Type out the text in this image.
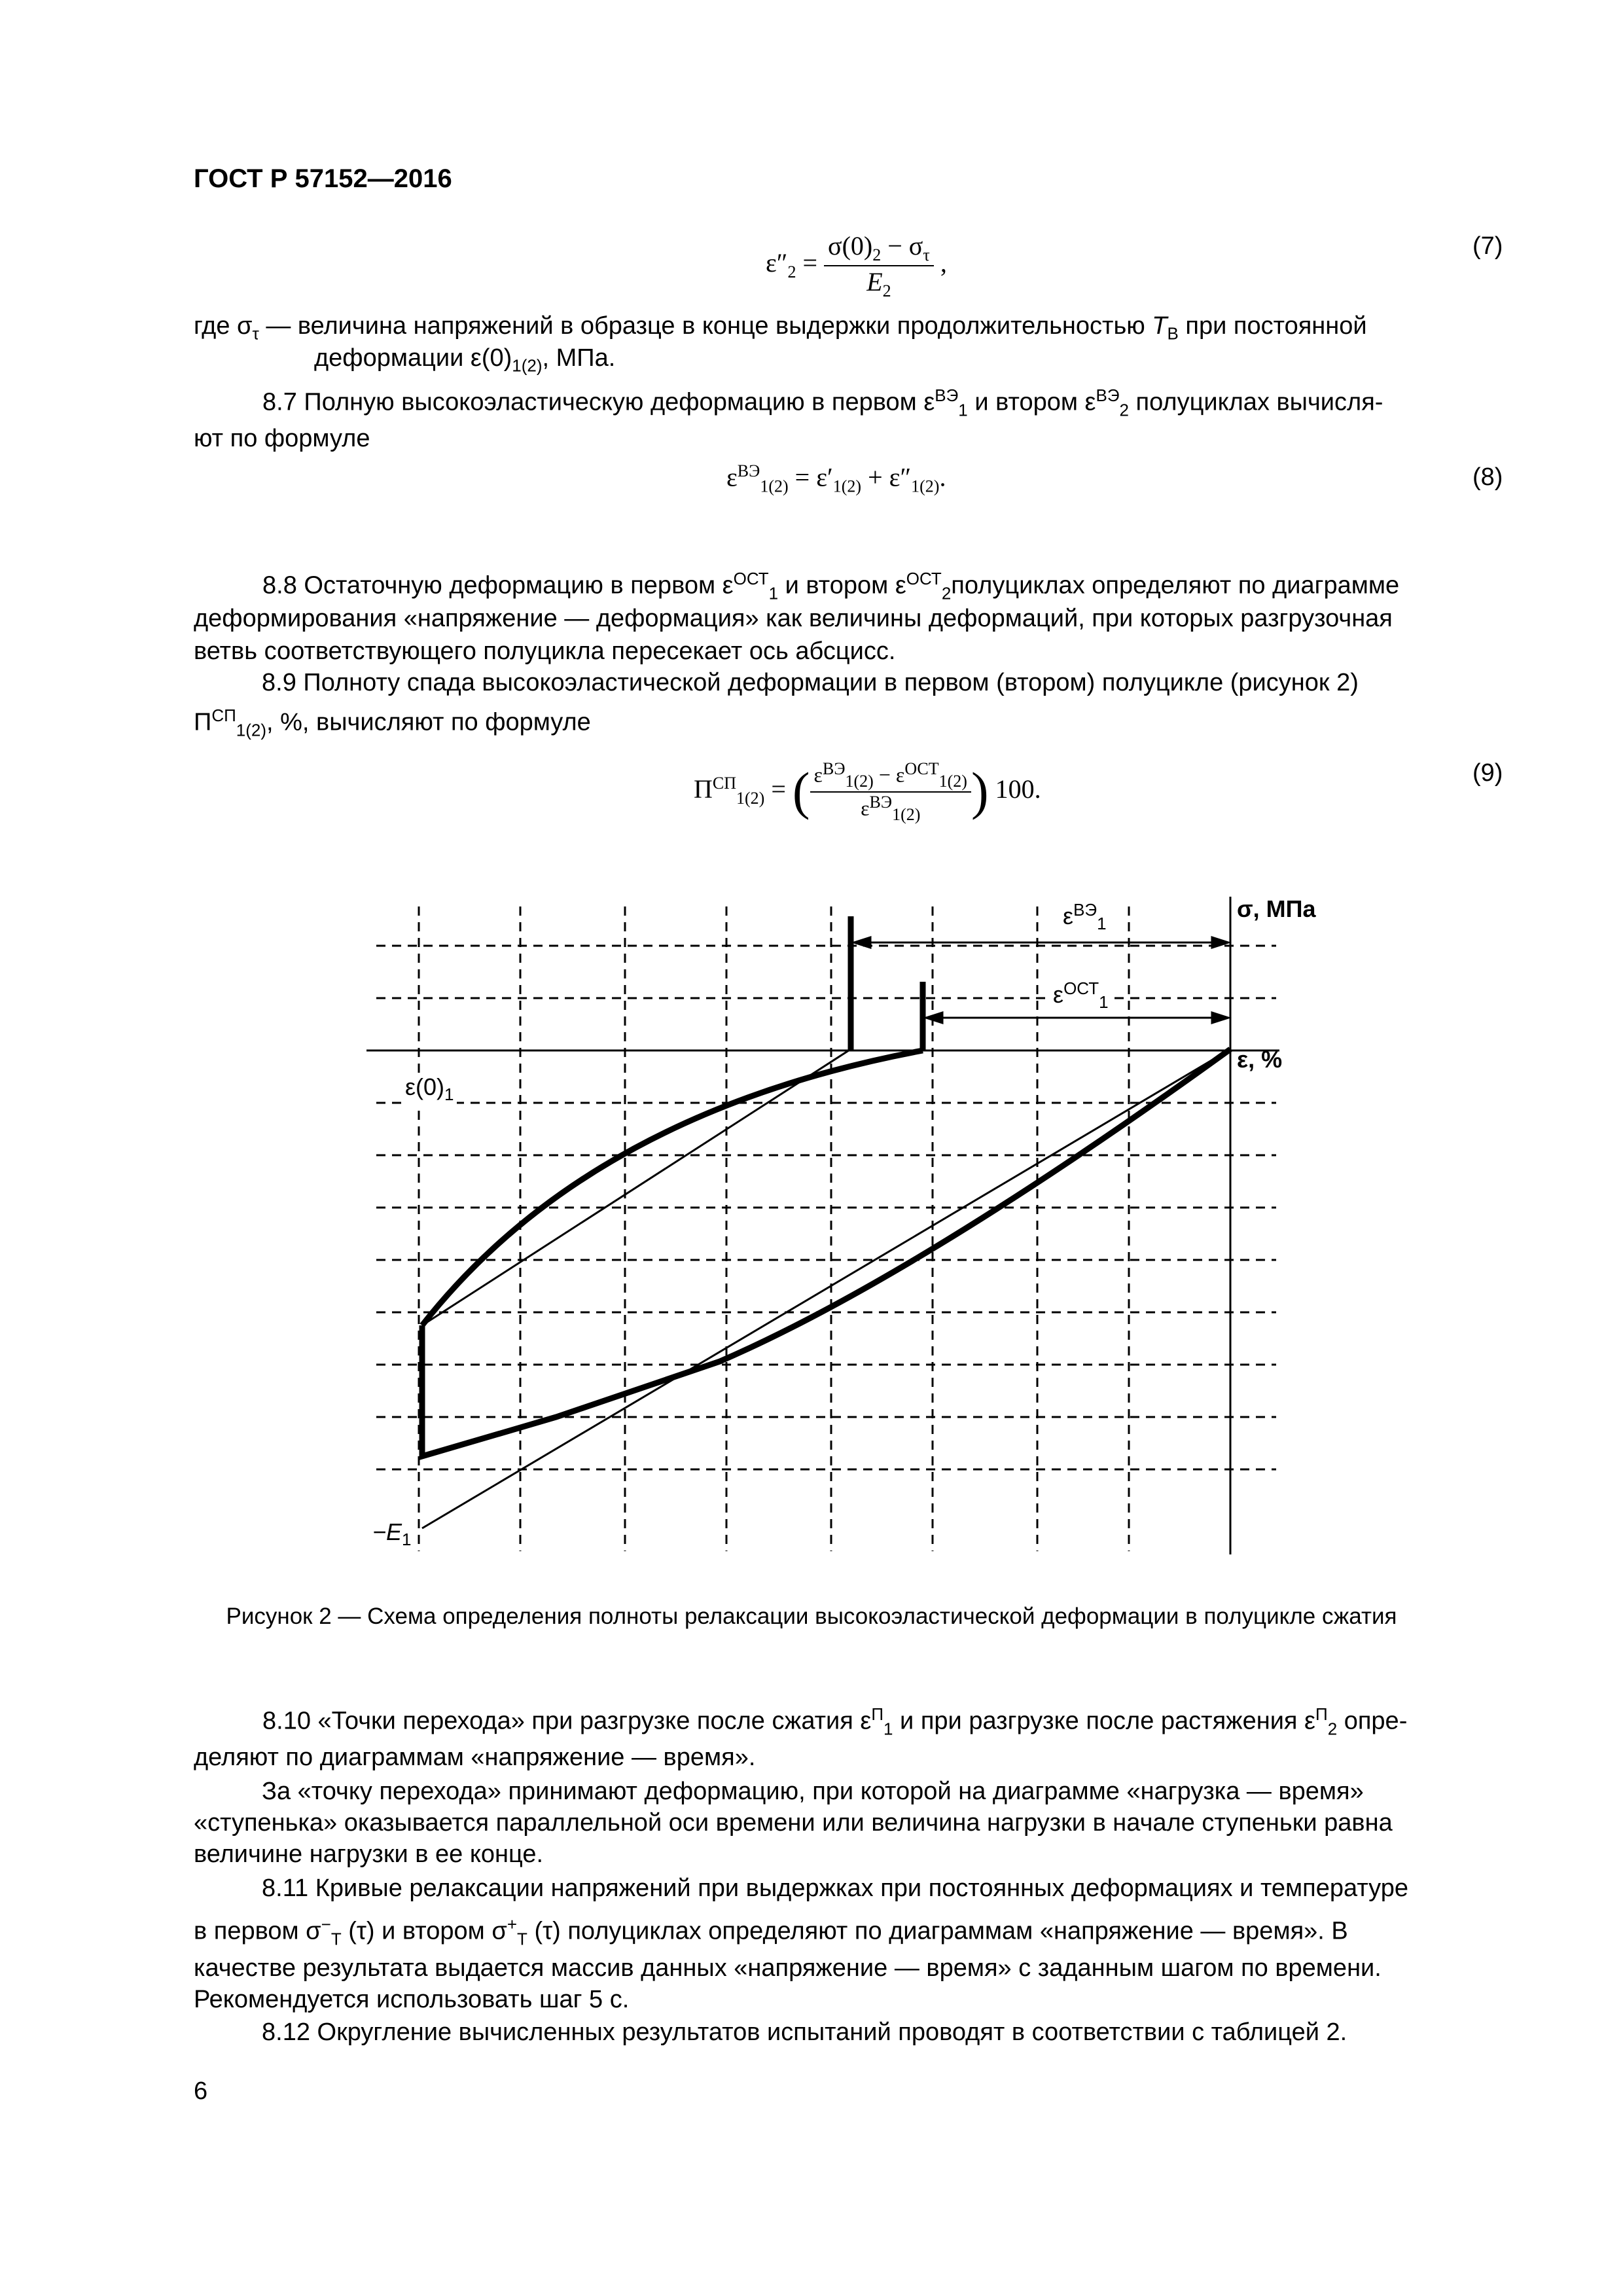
ГОСТ Р 57152—2016
$\varepsilon''_2 = \frac{\sigma(0)_2 - \sigma_\tau}{E_2}$ ,
(7)
где $\sigma_\tau$ — величина напряжений в образце в конце выдержки продолжительностью $T_В$ при постоянной
деформации $\varepsilon(0)_{1(2)}$, МПа.
8.7 Полную высокоэластическую деформацию в первом $\varepsilon^{ВЭ}_1$ и втором $\varepsilon^{ВЭ}_2$ полуциклах вычисля-
ют по формуле
$\varepsilon^{ВЭ}_{1(2)} = \varepsilon'_{1(2)} + \varepsilon''_{1(2)}$.	(8)
8.8 Остаточную деформацию в первом $\varepsilon^{ОСТ}_1$ и втором $\varepsilon^{ОСТ}_2полуциклах$ определяют по диаграмме
деформирования «напряжение — деформация» как величины деформаций, при которых разгрузочная
ветвь соответствующего полуцикла пересекает ось абсцисс.
8.9 Полноту спада высокоэластической деформации в первом (втором) полуцикле (рисунок 2)
$П^{СП}_{1(2)}$, %, вычисляют по формуле
$П^{СП}_{1(2)}$ = ( $\frac{\varepsilon^{ВЭ}_{1(2)} - \varepsilon^{ОСТ}_{1(2)}}{\varepsilon^{ВЭ}_{1(2)}}$ ) 100.
(9)
σ, МПа
ε, %
$\varepsilon(0)_1$
$-E_1$
$\varepsilon^{ВЭ}_1$
$\varepsilon^{ОСТ}_1$
Рисунок 2 — Схема определения полноты релаксации высокоэластической деформации в полуцикле сжатия
8.10 «Точки перехода» при разгрузке после сжатия $\varepsilon^П_1$ и при разгрузке после растяжения $\varepsilon^П_2$ опре-
деляют по диаграммам «напряжение — время».
За «точку перехода» принимают деформацию, при которой на диаграмме «нагрузка — время»
«ступенька» оказывается параллельной оси времени или величина нагрузки в начале ступеньки равна
величине нагрузки в ее конце.
8.11 Кривые релаксации напряжений при выдержках при постоянных деформациях и температуре
в первом $\sigma^-_T$ (τ) и втором $\sigma^+_T$ (τ) полуциклах определяют по диаграммам «напряжение — время». В
качестве результата выдается массив данных «напряжение — время» с заданным шагом по времени.
Рекомендуется использовать шаг 5 с.
8.12 Округление вычисленных результатов испытаний проводят в соответствии с таблицей 2.
6
